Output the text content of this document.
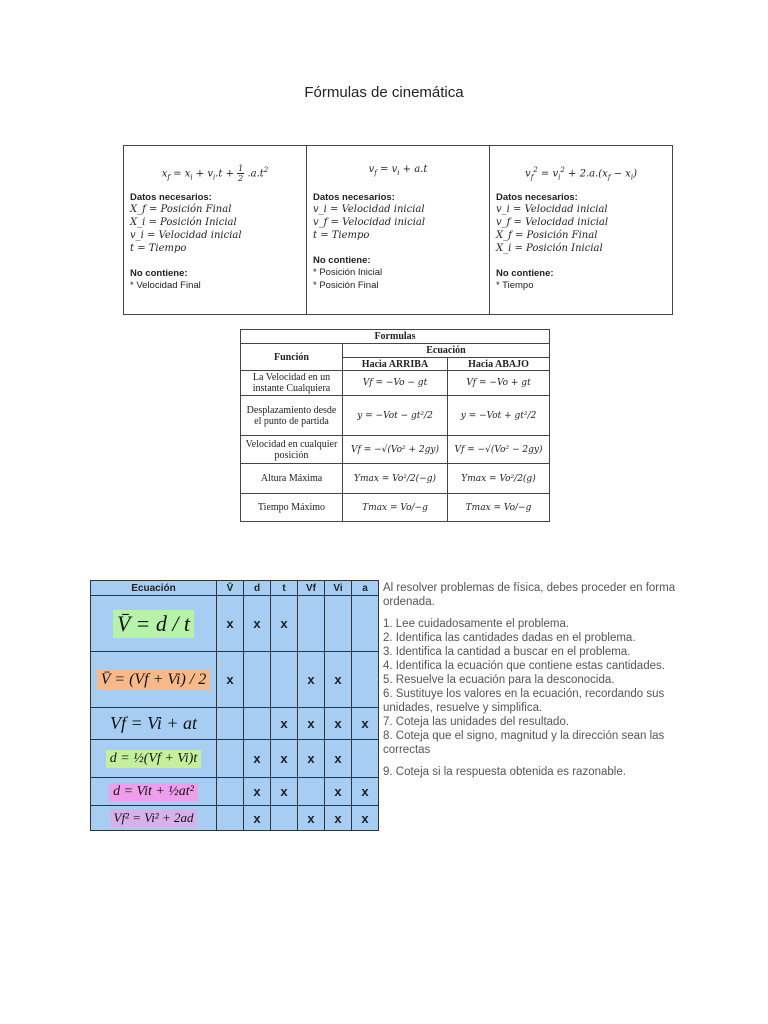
Fórmulas de cinemática
$x_f = x_i + v_i.t + \frac{1}{2} .a.t^2$
Datos necesarios:
X_f = Posición Final
X_i = Posición Inicial
v_i = Velocidad inicial
t = Tiempo
No contiene:
* Velocidad Final
$v_f = v_i + a.t$
Datos necesarios:
v_i = Velocidad inicial
v_f = Velocidad inicial
t = Tiempo
No contiene:
* Posición Inicial
* Posición Final
$v_f^2 = v_i^2 + 2.a.(x_f - x_i)$
Datos necesarios:
v_i = Velocidad inicial
v_f = Velocidad inicial
X_f = Posición Final
X_i = Posición Inicial
No contiene:
* Tiempo
Formulas		
Función	Ecuación	
	Hacia ARRIBA	Hacia ABAJO
La Velocidad en un instante Cualquiera	Vf = −Vo − gt	Vf = −Vo + gt
Desplazamiento desde el punto de partida	y = −Vot − gt²/2	y = −Vot + gt²/2
Velocidad en cualquier posición	Vf = −√(Vo² + 2gy)	Vf = −√(Vo² − 2gy)
Altura Máxima	Ymax = Vo²/2(−g)	Ymax = Vo²/2(g)
Tiempo Máximo	Tmax = Vo/−g	Tmax = Vo/−g
Ecuación	V̄	d	t	Vf	Vi	a
V̄ = d / t	x	x	x			
V̄ = (Vf + Vi) / 2	x			x	x	
Vf = Vi + at			x	x	x	x
d = ½(Vf + Vi)t		x	x	x	x	
d = Vit + ½at²		x	x		x	x
Vf² = Vi² + 2ad		x		x	x	x

Al resolver problemas de física, debes proceder en forma ordenada.

1. Lee cuidadosamente el problema.
2. Identifica las cantidades dadas en el problema.
3. Identifica la cantidad a buscar en el problema.
4. Identifica la ecuación que contiene estas cantidades.
5. Resuelve la ecuación para la desconocida.
6. Sustituye los valores en la ecuación, recordando sus unidades, resuelve y simplifica.
7. Coteja las unidades del resultado.
8. Coteja que el signo, magnitud y la dirección sean las correctas
9. Coteja si la respuesta obtenida es razonable.
